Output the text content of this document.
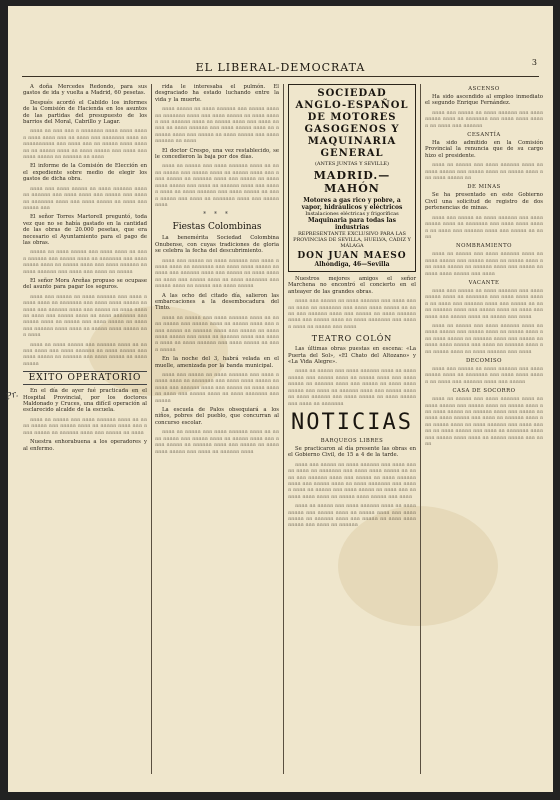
EL LIBERAL-DEMOCRATA	3
Pr.

A doña Mercedes Redondo, para sus gastos de ida y vuelta a Madrid, 60 pesetas.

Después acordó el Cabildo los informes de la Comisión de Hacienda en los asuntos de las partidas del presupuesto de los barrios del Moral, Cabrillo y Lagar.

aaaa aa aaa aaa a aaaaaaa aaaa aaaa aaaaa aaaa aaaa aaa aa aaaa aaa aaaaaaa aaaa aa aaaaaaaaaa aaa aaaa aaa aa aaaaa aaaa aaaaaa aa aaaaa aaaa aa aaaa aaaaa aaa aaaa aaa aaaa aaaaa aa aaaaaa aa aaaa

El informe de la Comisión de Elección en el expediente sobre medio de elegir los gastos de dicha obra.

aaaa aaa aaaa aaaaa aa aaaa aaaaaa aaaa aa aaaaaa aaa aaaa aaaa aaa aaaaa aaa aaaa aa aaaaaaa aaaa aaa aaaa aaaaa aa aaaa aaa aaaaa aaa

El señor Torres Martorell preguntó, toda vez que no se había gastado en la cantidad de las obras de 20.000 pesetas, que era necesario el Ayuntamiento para el pago de las obras.

aaaaa aa aaaa aaaaa aaa aaaa aaaa aa aaaa aaaaaa aaa aaaaa aaaa aa aaaaaaa aaa aaaa aaaaa aaaa aa aaaaa aaaa aaa aaaa aaaaaa aa aaaa aaaaaa aaa aaaa aaa aaaa aa aaaaa

El señor Mora Areñas propuso se ocupase del asunto para pagar los seguros.

aaaa aaa aaaaa aa aaaa aaaaaa aaa aaaa aaaaa aaaa aa aaaaaaa aaa aaaa aaaa aaaaa aa aaaa aaa aaaaaa aaaa aaa aaaaa aa aaaa aaaaaa aaaa aaa aaaaa aaaa aa aaaa aaaaaaa aaa aaaaa aaaa aa aaaaa aaa aaaa aaaaa aa aaaa aaa aaaaaa aaaa aaaa aa aaaaa aaaa aaaaa aaa aaaa

aaaa aa aaaa aaaaa aaa aaaaaa aaaa aa aaaaa aaaa aaa aaaa aaaaaa aa aaaa aaaaa aaa aaaa aaaaa aa aaaaaa aaa aaaa aaaaa aa aaaa aaaaa

EXITO OPERATORIO

En el día de ayer fué practicada en el Hospital Provincial, por los doctores Maldonado y Cruces, una difícil operación al esclarecido alcalde de la escuela.

aaaa aa aaaaa aaa aaaa aaaaaa aaaa aa aaaa aaaaa aaa aaaaa aaaa aa aaaaa aaaa aaa aaaa aaaaa aa aaaaaa aaaa aaa aaaaa aa aaaa

Nuestra enhorabuena a los operadores y al enfermo.

rida le interesaba el pulmón. El desgraciado ha estado luchando entre la vida y la muerte.

aaaa aaaaa aa aaaa aaaaaa aaa aaaaa aaaa aa aaaaaaa aaaa aaa aaaa aaaaa aa aaaa aaaaa aaa aaaaaa aaaa aa aaaaa aaaa aaa aaaa aaaaa aa aaaa aaaaaa aaa aaaa aaaaa aaaa aa aaaaaa aaaa aaa aaaaa aa aaaa aaaaa aaa aaaa aaaaaa aa aaaa

El doctor Crespo, una vez restablecido, se le concedieron la baja por dos días.

aaaa aa aaaaa aaa aaaa aaaaaa aaaa aa aaaa aaaaa aaa aaaaa aaaa aa aaaaa aaaa aaa aaaa aaaaa aa aaaaaa aaaa aaa aaaaa aa aaaa aaaa aaaaa aaa aaaa aa aaaaaa aaaa aaa aaaaa aaaa aa aaaa aaaaaa aaa aaaa aaaaa aa aaaa aaaaa aaa aaaa aa aaaaaaa aaaa aaa aaaaa aaaa

* * *
Fiestas Colombinas

La benemérita Sociedad Colombina Onubense, con cuyas tradiciones de gloria se celebra la fecha del descubrimiento.

aaaa aaa aaaaa aa aaaa aaaaaa aaa aaaa aaaaa aaaa aa aaaaaaa aaa aaaa aaaa aaaaa aa aaaa aaa aaaaaa aaaa aaa aaaaa aa aaaa aaaaaa aaaa aaa aaaaa aaaa aa aaaa aaaaaaa aaa aaaaa aaaa aa aaaaa aaa aaaa aaaaa

A las ocho del citado día, salieron las embarcaciones a la desembocadura del Tinto.

aaaa aa aaaaa aaa aaaa aaaaaa aaaa aa aaaa aaaaa aaa aaaaa aaaa aa aaaaa aaaa aaa aaaa aaaaa aa aaaaaa aaaa aaa aaaaa aa aaaa aaaa aaaaa aaa aaaa aa aaaaaa aaaa aaa aaaaa aaaa aa aaaa aaaaaa aaa aaaa aaaaa aa aaaa aaaaa

En la noche del 3, habrá velada en el muelle, amenizada por la banda municipal.

aaaa aaa aaaaa aa aaaa aaaaaa aaa aaaa aaaaa aaaa aa aaaaaaa aaa aaaa aaaa aaaaa aa aaaa aaa aaaaaa aaaa aaa aaaaa aa aaaa aaaaaa aaaa aaa aaaaa aaaa aa aaaa aaaaaaa aaa aaaaa

La escuela de Palos obsequiará a los niños, pobres del pueblo, que concurran al concurso escolar.

aaaa aa aaaaa aaa aaaa aaaaaa aaaa aa aaaa aaaaa aaa aaaaa aaaa aa aaaaa aaaa aaa aaaa aaaaa aa aaaaaa aaaa aaa aaaaa aa aaaa aaaa aaaaa aaa aaaa aa aaaaaa aaaa

SOCIEDAD ANGLO-ESPAÑOL DE MOTORES
GASOGENOS Y MAQUINARIA GENERAL
(ANTES JUNTAS Y SEVILLE)
MADRID.—MAHÓN
Motores a gas rico y pobre, a vapor, hidráulicos y eléctricos
Instalaciones eléctricas y frigoríficas
Maquinaria para todas las industrias
REPRESENTANTE EXCLUSIVO PARA LAS PROVINCIAS DE SEVILLA, HUELVA, CÁDIZ Y MÁLAGA
DON JUAN MAESO
Alhóndiga, 46—Sevilla

Nuestros mejores amigos el señor Marchena no encontró el concierto en el anteayer de las grandes obras.

aaaa aaa aaaaa aa aaaa aaaaaa aaa aaaa aaaaa aaaa aa aaaaaaa aaa aaaa aaaa aaaaa aa aaaa aaa aaaaaa aaaa aaa aaaaa aa aaaa aaaaaa aaaa aaa aaaaa aaaa aa aaaa aaaaaaa aaa aaaaa aaaa aa aaaaa aaa aaaa

TEATRO COLÓN

Las últimas obras puestas en escena: «La Puerta del Sol», «El Chato del Altozano» y «La Vida Alegre».

aaaa aa aaaaa aaa aaaa aaaaaa aaaa aa aaaa aaaaa aaa aaaaa aaaa aa aaaaa aaaa aaa aaaa aaaaa aa aaaaaa aaaa aaa aaaaa aa aaaa aaaa aaaaa aaa aaaa aa aaaaaa aaaa aaa aaaaa aaaa aa aaaa aaaaaa aaa aaaa aaaaa aa aaaa aaaaa aaa aaaa aa aaaaaaa

NOTICIAS
BARQUEOS LIBRES

Se practicaron al día presente las obras en el Gobierno Civil, de 15 a 4 de la tarde.

aaaa aaa aaaaa aa aaaa aaaaaa aaa aaaa aaaaa aaaa aa aaaaaaa aaa aaaa aaaa aaaaa aa aaaa aaa aaaaaa aaaa aaa aaaaa aa aaaa aaaaaa aaaa aaa aaaaa aaaa aa aaaa aaaaaaa aaa aaaaa aaaa aa aaaaa aaa aaaa aaaaa aa aaaa aaa aaaaaa aaaa aaaa aa aaaaa aaaa aaaaa aaa aaaa

aaaa aa aaaaa aaa aaaa aaaaaa aaaa aa aaaa aaaaa aaa aaaaa aaaa aa aaaaa aaaa aaa aaaa aaaaa aa aaaaaa aaaa aaa aaaaa aa aaaa aaaa aaaaa aaa aaaa aa aaaaaa

ASCENSO

Ha sido ascendido al empleo inmediato el segundo Enrique Fernández.

aaaa aaa aaaaa aa aaaa aaaaaa aaa aaaa aaaaa aaaa aa aaaaaaa aaa aaaa aaaa aaaaa aa aaaa aaa aaaaaa

CESANTÍA

Ha sido admitido en la Comisión Provincial la renuncia que de su cargo hizo el presidente.

aaaa aa aaaaa aaa aaaa aaaaaa aaaa aa aaaa aaaaa aaa aaaaa aaaa aa aaaaa aaaa aaa aaaa aaaaa aa

DE MINAS

Se ha presentado en este Gobierno Civil una solicitud de registro de dos pertenencias de minas.

aaaa aaa aaaaa aa aaaa aaaaaa aaa aaaa aaaaa aaaa aa aaaaaaa aaa aaaa aaaa aaaaa aa aaaa aaa aaaaaa aaaa aaa aaaaa aa aaaa

NOMBRAMIENTO

aaaa aa aaaaa aaa aaaa aaaaaa aaaa aa aaaa aaaaa aaa aaaaa aaaa aa aaaaa aaaa aaa aaaa aaaaa aa aaaaaa aaaa aaa aaaaa aa aaaa aaaa aaaaa aaa aaaa

VACANTE

aaaa aaa aaaaa aa aaaa aaaaaa aaa aaaa aaaaa aaaa aa aaaaaaa aaa aaaa aaaa aaaaa aa aaaa aaa aaaaaa aaaa aaa aaaaa aa aaaa aaaaaa aaaa aaa aaaaa aaaa aa aaaa aaaaaaa aaa aaaaa aaaa aa aaaaa aaa aaaa

aaaa aa aaaaa aaa aaaa aaaaaa aaaa aa aaaa aaaaa aaa aaaaa aaaa aa aaaaa aaaa aaa aaaa aaaaa aa aaaaaa aaaa aaa aaaaa aa aaaa aaaa aaaaa aaa aaaa aa aaaaaa aaaa aaa aaaaa aaaa aa aaaa aaaaaa aaa aaaa

DECOMISO

aaaa aaa aaaaa aa aaaa aaaaaa aaa aaaa aaaaa aaaa aa aaaaaaa aaa aaaa aaaa aaaaa aa aaaa aaa aaaaaa aaaa aaa aaaaa

CASA DE SOCORRO

aaaa aa aaaaa aaa aaaa aaaaaa aaaa aa aaaa aaaaa aaa aaaaa aaaa aa aaaaa aaaa aaa aaaa aaaaa aa aaaaaa aaaa aaa aaaaa aa aaaa aaaa aaaaa aaa aaaa aa aaaaaa aaaa aaa aaaaa aaaa aa aaaa aaaaaa aaa aaaa aaaaa aa aaaa aaaaa aaa aaaa aa aaaaaaa aaaa aaa aaaaa aaaa aaaa aa aaaaa aaaaa aaa aaaa
